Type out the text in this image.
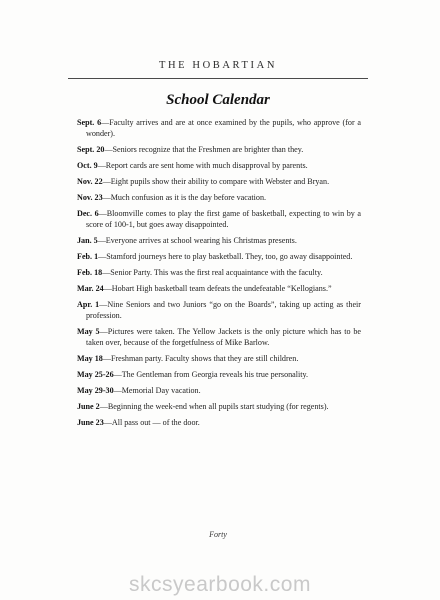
THE HOBARTIAN
School Calendar
Sept. 6—Faculty arrives and are at once examined by the pupils, who approve (for a wonder).
Sept. 20—Seniors recognize that the Freshmen are brighter than they.
Oct. 9—Report cards are sent home with much disapproval by parents.
Nov. 22—Eight pupils show their ability to compare with Webster and Bryan.
Nov. 23—Much confusion as it is the day before vacation.
Dec. 6—Bloomville comes to play the first game of basketball, expecting to win by a score of 100-1, but goes away disappointed.
Jan. 5—Everyone arrives at school wearing his Christmas presents.
Feb. 1—Stamford journeys here to play basketball. They, too, go away disappointed.
Feb. 18—Senior Party. This was the first real acquaintance with the faculty.
Mar. 24—Hobart High basketball team defeats the undefeatable “Kellogians.”
Apr. 1—Nine Seniors and two Juniors “go on the Boards”, taking up acting as their profession.
May 5—Pictures were taken. The Yellow Jackets is the only picture which has to be taken over, because of the forgetfulness of Mike Barlow.
May 18—Freshman party. Faculty shows that they are still children.
May 25-26—The Gentleman from Georgia reveals his true personality.
May 29-30—Memorial Day vacation.
June 2—Beginning the week-end when all pupils start studying (for regents).
June 23—All pass out — of the door.
Forty
skcsyearbook.com
